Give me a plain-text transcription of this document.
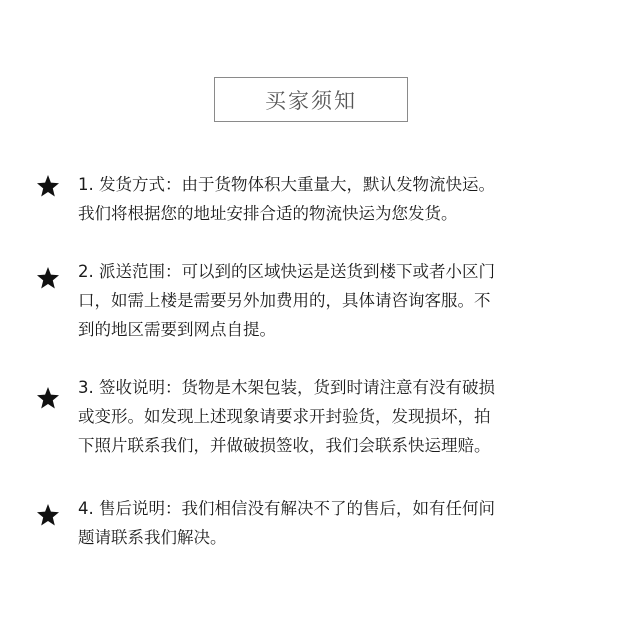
买家须知

1. 发货方式：由于货物体积大重量大，默认发物流快运。
我们将根据您的地址安排合适的物流快运为您发货。

2. 派送范围：可以到的区域快运是送货到楼下或者小区门
口，如需上楼是需要另外加费用的，具体请咨询客服。不
到的地区需要到网点自提。

3. 签收说明：货物是木架包装，货到时请注意有没有破损
或变形。如发现上述现象请要求开封验货，发现损坏，拍
下照片联系我们，并做破损签收，我们会联系快运理赔。

4. 售后说明：我们相信没有解决不了的售后，如有任何问
题请联系我们解决。
